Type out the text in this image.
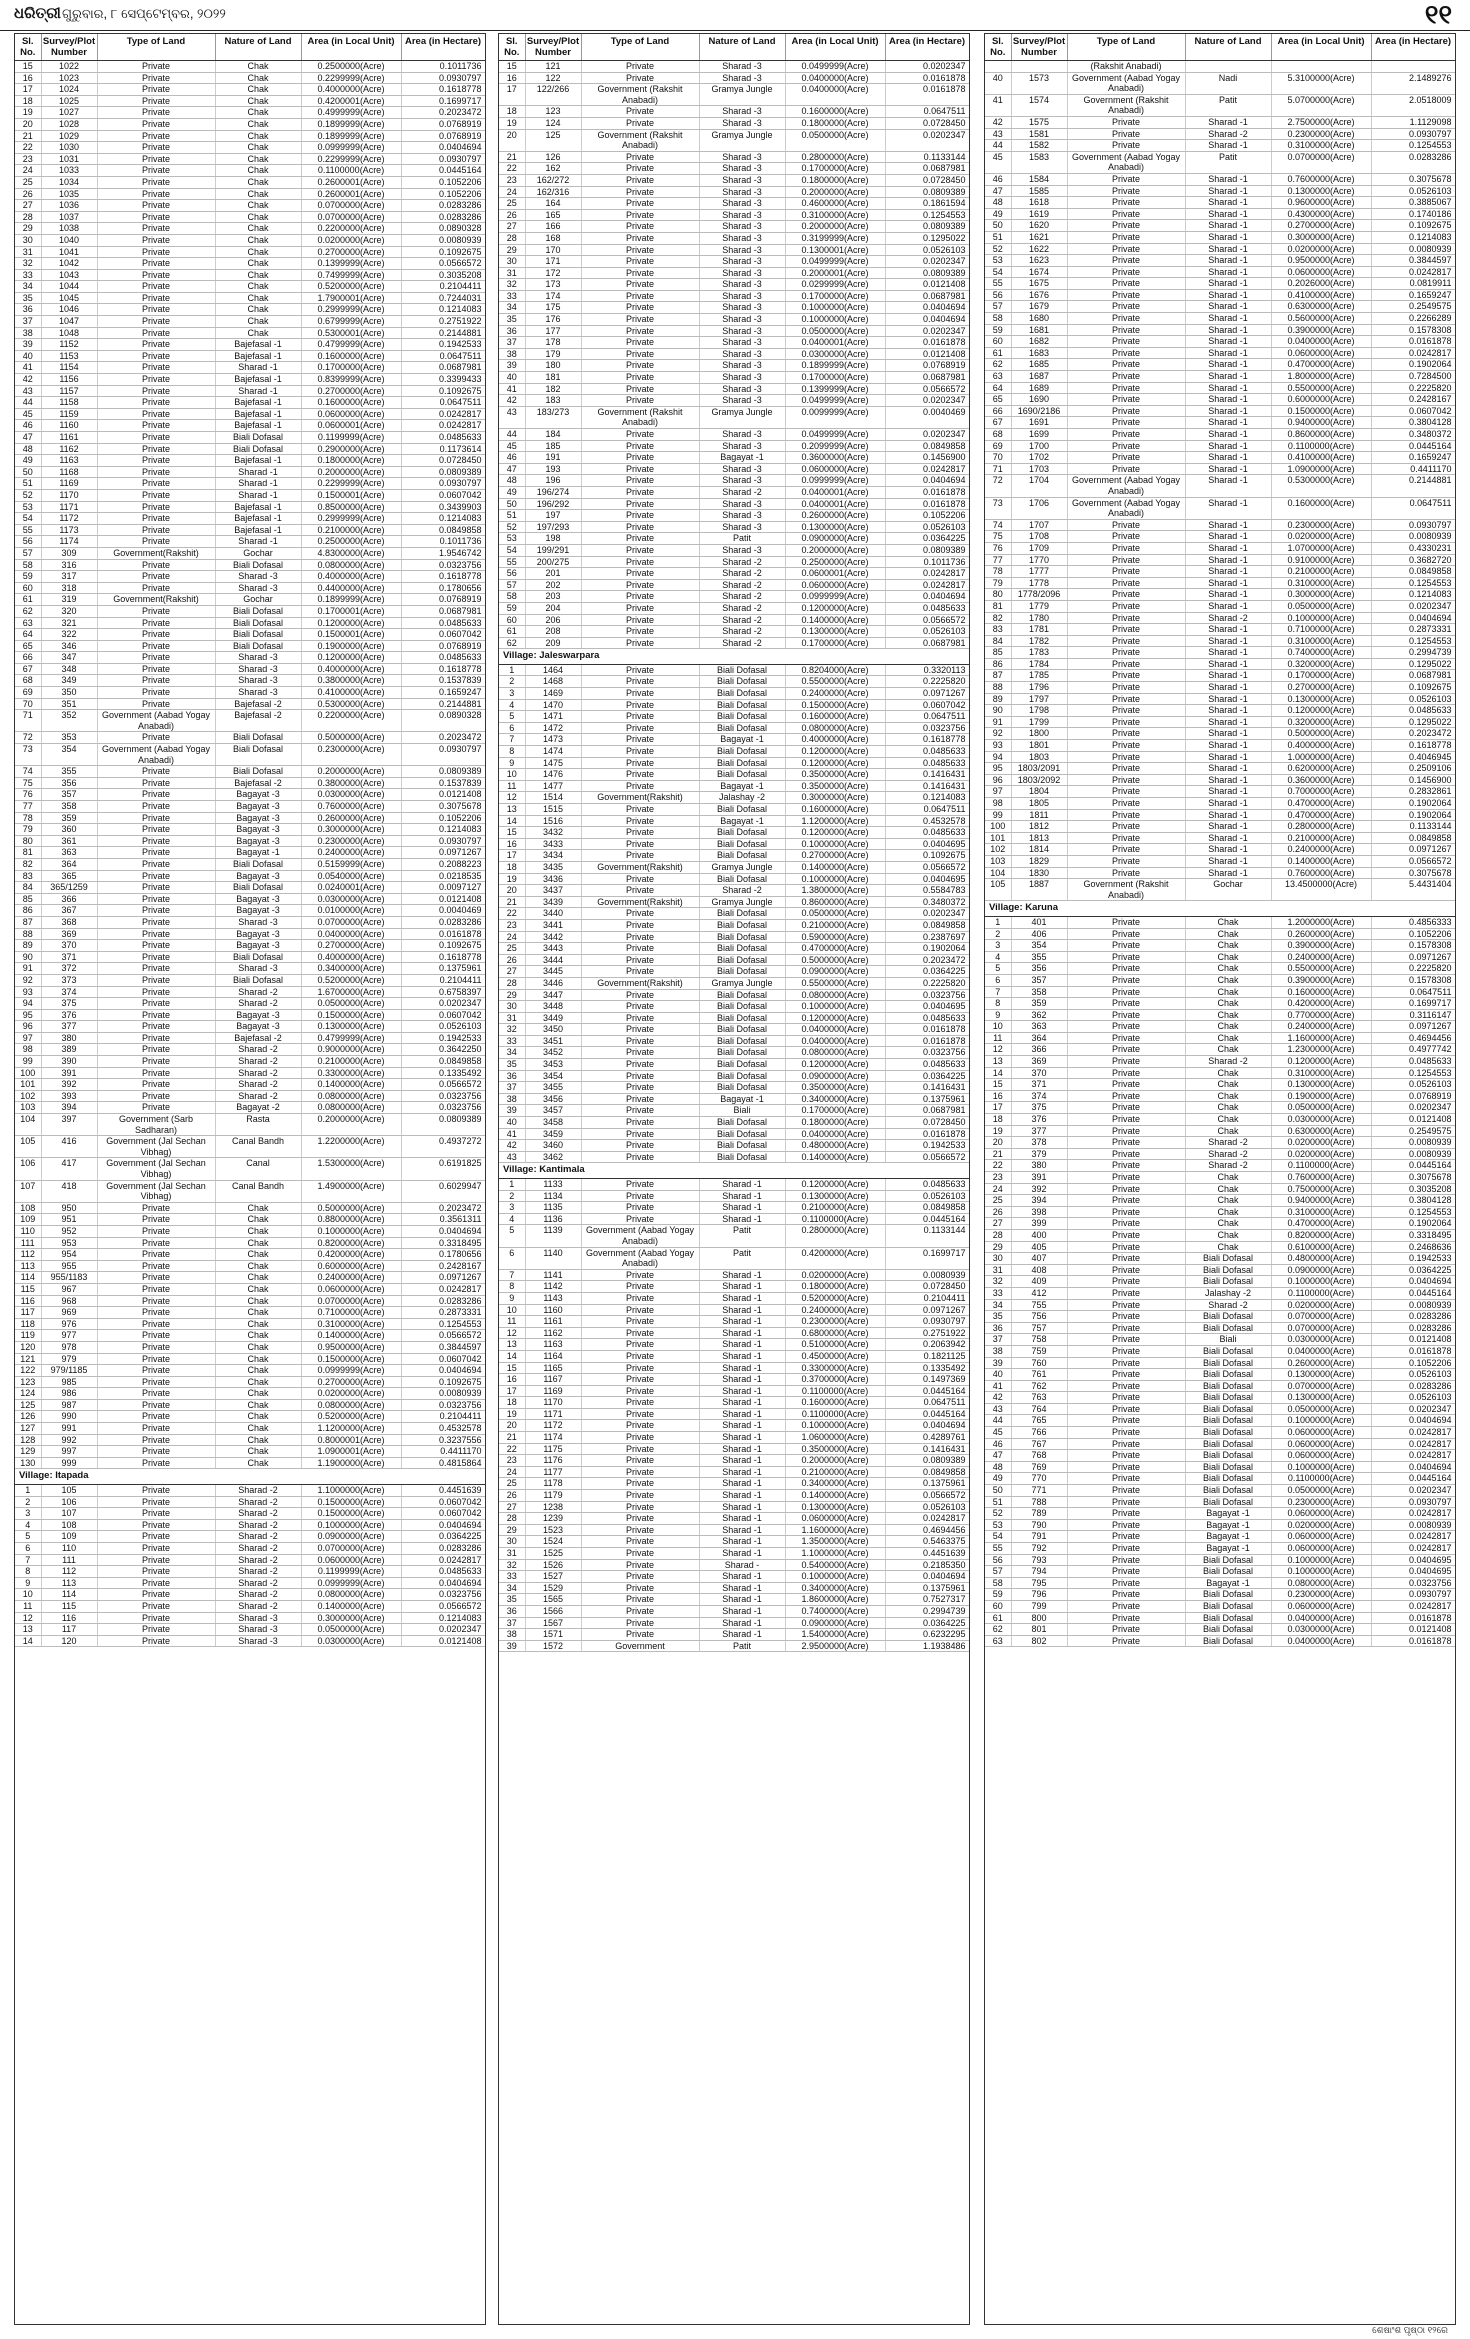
ଧରିତ୍ରୀ ଗୁରୁବାର, ୮ ସେପ୍ଟେମ୍ବର, ୨୦୨୨	୧୧
Sl. No.	Survey/Plot Number	Type of Land	Nature of Land	Area (in Local Unit)	Area (in Hectare)
15	1022	Private	Chak	0.2500000(Acre)	0.1011736
16	1023	Private	Chak	0.2299999(Acre)	0.0930797
17	1024	Private	Chak	0.4000000(Acre)	0.1618778
18	1025	Private	Chak	0.4200001(Acre)	0.1699717
19	1027	Private	Chak	0.4999999(Acre)	0.2023472
20	1028	Private	Chak	0.1899999(Acre)	0.0768919
21	1029	Private	Chak	0.1899999(Acre)	0.0768919
22	1030	Private	Chak	0.0999999(Acre)	0.0404694
23	1031	Private	Chak	0.2299999(Acre)	0.0930797
24	1033	Private	Chak	0.1100000(Acre)	0.0445164
25	1034	Private	Chak	0.2600001(Acre)	0.1052206
26	1035	Private	Chak	0.2600001(Acre)	0.1052206
27	1036	Private	Chak	0.0700000(Acre)	0.0283286
28	1037	Private	Chak	0.0700000(Acre)	0.0283286
29	1038	Private	Chak	0.2200000(Acre)	0.0890328
30	1040	Private	Chak	0.0200000(Acre)	0.0080939
31	1041	Private	Chak	0.2700000(Acre)	0.1092675
32	1042	Private	Chak	0.1399999(Acre)	0.0566572
33	1043	Private	Chak	0.7499999(Acre)	0.3035208
34	1044	Private	Chak	0.5200000(Acre)	0.2104411
35	1045	Private	Chak	1.7900001(Acre)	0.7244031
36	1046	Private	Chak	0.2999999(Acre)	0.1214083
37	1047	Private	Chak	0.6799999(Acre)	0.2751922
38	1048	Private	Chak	0.5300001(Acre)	0.2144881
39	1152	Private	Bajefasal -1	0.4799999(Acre)	0.1942533
40	1153	Private	Bajefasal -1	0.1600000(Acre)	0.0647511
41	1154	Private	Sharad -1	0.1700000(Acre)	0.0687981
42	1156	Private	Bajefasal -1	0.8399999(Acre)	0.3399433
43	1157	Private	Sharad -1	0.2700000(Acre)	0.1092675
44	1158	Private	Bajefasal -1	0.1600000(Acre)	0.0647511
45	1159	Private	Bajefasal -1	0.0600000(Acre)	0.0242817
46	1160	Private	Bajefasal -1	0.0600001(Acre)	0.0242817
47	1161	Private	Biali Dofasal	0.1199999(Acre)	0.0485633
48	1162	Private	Biali Dofasal	0.2900000(Acre)	0.1173614
49	1163	Private	Bajefasal -1	0.1800000(Acre)	0.0728450
50	1168	Private	Sharad -1	0.2000000(Acre)	0.0809389
51	1169	Private	Sharad -1	0.2299999(Acre)	0.0930797
52	1170	Private	Sharad -1	0.1500001(Acre)	0.0607042
53	1171	Private	Bajefasal -1	0.8500000(Acre)	0.3439903
54	1172	Private	Bajefasal -1	0.2999999(Acre)	0.1214083
55	1173	Private	Bajefasal -1	0.2100000(Acre)	0.0849858
56	1174	Private	Sharad -1	0.2500000(Acre)	0.1011736
57	309	Government(Rakshit)	Gochar	4.8300000(Acre)	1.9546742
58	316	Private	Biali Dofasal	0.0800000(Acre)	0.0323756
59	317	Private	Sharad -3	0.4000000(Acre)	0.1618778
60	318	Private	Sharad -3	0.4400000(Acre)	0.1780656
61	319	Government(Rakshit)	Gochar	0.1899999(Acre)	0.0768919
62	320	Private	Biali Dofasal	0.1700001(Acre)	0.0687981
63	321	Private	Biali Dofasal	0.1200000(Acre)	0.0485633
64	322	Private	Biali Dofasal	0.1500001(Acre)	0.0607042
65	346	Private	Biali Dofasal	0.1900000(Acre)	0.0768919
66	347	Private	Sharad -3	0.1200000(Acre)	0.0485633
67	348	Private	Sharad -3	0.4000000(Acre)	0.1618778
68	349	Private	Sharad -3	0.3800000(Acre)	0.1537839
69	350	Private	Sharad -3	0.4100000(Acre)	0.1659247
70	351	Private	Bajefasal -2	0.5300000(Acre)	0.2144881
71	352	Government (Aabad Yogay Anabadi)	Bajefasal -2	0.2200000(Acre)	0.0890328
72	353	Private	Biali Dofasal	0.5000000(Acre)	0.2023472
73	354	Government (Aabad Yogay Anabadi)	Biali Dofasal	0.2300000(Acre)	0.0930797
74	355	Private	Biali Dofasal	0.2000000(Acre)	0.0809389
75	356	Private	Bajefasal -2	0.3800000(Acre)	0.1537839
76	357	Private	Bagayat -3	0.0300000(Acre)	0.0121408
77	358	Private	Bagayat -3	0.7600000(Acre)	0.3075678
78	359	Private	Bagayat -3	0.2600000(Acre)	0.1052206
79	360	Private	Bagayat -3	0.3000000(Acre)	0.1214083
80	361	Private	Bagayat -3	0.2300000(Acre)	0.0930797
81	363	Private	Bagayat -1	0.2400000(Acre)	0.0971267
82	364	Private	Biali Dofasal	0.5159999(Acre)	0.2088223
83	365	Private	Bagayat -3	0.0540000(Acre)	0.0218535
84	365/1259	Private	Biali Dofasal	0.0240001(Acre)	0.0097127
85	366	Private	Bagayat -3	0.0300000(Acre)	0.0121408
86	367	Private	Bagayat -3	0.0100000(Acre)	0.0040469
87	368	Private	Sharad -3	0.0700000(Acre)	0.0283286
88	369	Private	Bagayat -3	0.0400000(Acre)	0.0161878
89	370	Private	Bagayat -3	0.2700000(Acre)	0.1092675
90	371	Private	Biali Dofasal	0.4000000(Acre)	0.1618778
91	372	Private	Sharad -3	0.3400000(Acre)	0.1375961
92	373	Private	Biali Dofasal	0.5200000(Acre)	0.2104411
93	374	Private	Sharad -2	1.6700000(Acre)	0.6758397
94	375	Private	Sharad -2	0.0500000(Acre)	0.0202347
95	376	Private	Bagayat -3	0.1500000(Acre)	0.0607042
96	377	Private	Bagayat -3	0.1300000(Acre)	0.0526103
97	380	Private	Bajefasal -2	0.4799999(Acre)	0.1942533
98	389	Private	Sharad -2	0.9000000(Acre)	0.3642250
99	390	Private	Sharad -2	0.2100000(Acre)	0.0849858
100	391	Private	Sharad -2	0.3300000(Acre)	0.1335492
101	392	Private	Sharad -2	0.1400000(Acre)	0.0566572
102	393	Private	Sharad -2	0.0800000(Acre)	0.0323756
103	394	Private	Bagayat -2	0.0800000(Acre)	0.0323756
104	397	Government (Sarb Sadharan)	Rasta	0.2000000(Acre)	0.0809389
105	416	Government (Jal Sechan Vibhag)	Canal Bandh	1.2200000(Acre)	0.4937272
106	417	Government (Jal Sechan Vibhag)	Canal	1.5300000(Acre)	0.6191825
107	418	Government (Jal Sechan Vibhag)	Canal Bandh	1.4900000(Acre)	0.6029947
108	950	Private	Chak	0.5000000(Acre)	0.2023472
109	951	Private	Chak	0.8800000(Acre)	0.3561311
110	952	Private	Chak	0.1000000(Acre)	0.0404694
111	953	Private	Chak	0.8200000(Acre)	0.3318495
112	954	Private	Chak	0.4200000(Acre)	0.1780656
113	955	Private	Chak	0.6000000(Acre)	0.2428167
114	955/1183	Private	Chak	0.2400000(Acre)	0.0971267
115	967	Private	Chak	0.0600000(Acre)	0.0242817
116	968	Private	Chak	0.0700000(Acre)	0.0283286
117	969	Private	Chak	0.7100000(Acre)	0.2873331
118	976	Private	Chak	0.3100000(Acre)	0.1254553
119	977	Private	Chak	0.1400000(Acre)	0.0566572
120	978	Private	Chak	0.9500000(Acre)	0.3844597
121	979	Private	Chak	0.1500000(Acre)	0.0607042
122	979/1185	Private	Chak	0.0999999(Acre)	0.0404694
123	985	Private	Chak	0.2700000(Acre)	0.1092675
124	986	Private	Chak	0.0200000(Acre)	0.0080939
125	987	Private	Chak	0.0800000(Acre)	0.0323756
126	990	Private	Chak	0.5200000(Acre)	0.2104411
127	991	Private	Chak	1.1200000(Acre)	0.4532578
128	992	Private	Chak	0.8000001(Acre)	0.3237556
129	997	Private	Chak	1.0900001(Acre)	0.4411170
130	999	Private	Chak	1.1900000(Acre)	0.4815864
Village: Itapada					
1	105	Private	Sharad -2	1.1000000(Acre)	0.4451639
2	106	Private	Sharad -2	0.1500000(Acre)	0.0607042
3	107	Private	Sharad -2	0.1500000(Acre)	0.0607042
4	108	Private	Sharad -2	0.1000000(Acre)	0.0404694
5	109	Private	Sharad -2	0.0900000(Acre)	0.0364225
6	110	Private	Sharad -2	0.0700000(Acre)	0.0283286
7	111	Private	Sharad -2	0.0600000(Acre)	0.0242817
8	112	Private	Sharad -2	0.1199999(Acre)	0.0485633
9	113	Private	Sharad -2	0.0999999(Acre)	0.0404694
10	114	Private	Sharad -2	0.0800000(Acre)	0.0323756
11	115	Private	Sharad -2	0.1400000(Acre)	0.0566572
12	116	Private	Sharad -3	0.3000000(Acre)	0.1214083
13	117	Private	Sharad -3	0.0500000(Acre)	0.0202347
14	120	Private	Sharad -3	0.0300000(Acre)	0.0121408
Sl. No.	Survey/Plot Number	Type of Land	Nature of Land	Area (in Local Unit)	Area (in Hectare)
15	121	Private	Sharad -3	0.0499999(Acre)	0.0202347
16	122	Private	Sharad -3	0.0400000(Acre)	0.0161878
17	122/266	Government (Rakshit Anabadi)	Gramya Jungle	0.0400000(Acre)	0.0161878
18	123	Private	Sharad -3	0.1600000(Acre)	0.0647511
19	124	Private	Sharad -3	0.1800000(Acre)	0.0728450
20	125	Government (Rakshit Anabadi)	Gramya Jungle	0.0500000(Acre)	0.0202347
21	126	Private	Sharad -3	0.2800000(Acre)	0.1133144
22	162	Private	Sharad -3	0.1700000(Acre)	0.0687981
23	162/272	Private	Sharad -3	0.1800000(Acre)	0.0728450
24	162/316	Private	Sharad -3	0.2000000(Acre)	0.0809389
25	164	Private	Sharad -3	0.4600000(Acre)	0.1861594
26	165	Private	Sharad -3	0.3100000(Acre)	0.1254553
27	166	Private	Sharad -3	0.2000000(Acre)	0.0809389
28	168	Private	Sharad -3	0.3199999(Acre)	0.1295022
29	170	Private	Sharad -3	0.1300001(Acre)	0.0526103
30	171	Private	Sharad -3	0.0499999(Acre)	0.0202347
31	172	Private	Sharad -3	0.2000001(Acre)	0.0809389
32	173	Private	Sharad -3	0.0299999(Acre)	0.0121408
33	174	Private	Sharad -3	0.1700000(Acre)	0.0687981
34	175	Private	Sharad -3	0.1000000(Acre)	0.0404694
35	176	Private	Sharad -3	0.1000000(Acre)	0.0404694
36	177	Private	Sharad -3	0.0500000(Acre)	0.0202347
37	178	Private	Sharad -3	0.0400001(Acre)	0.0161878
38	179	Private	Sharad -3	0.0300000(Acre)	0.0121408
39	180	Private	Sharad -3	0.1899999(Acre)	0.0768919
40	181	Private	Sharad -3	0.1700000(Acre)	0.0687981
41	182	Private	Sharad -3	0.1399999(Acre)	0.0566572
42	183	Private	Sharad -3	0.0499999(Acre)	0.0202347
43	183/273	Government (Rakshit Anabadi)	Gramya Jungle	0.0099999(Acre)	0.0040469
44	184	Private	Sharad -3	0.0499999(Acre)	0.0202347
45	185	Private	Sharad -3	0.2099999(Acre)	0.0849858
46	191	Private	Bagayat -1	0.3600000(Acre)	0.1456900
47	193	Private	Sharad -3	0.0600000(Acre)	0.0242817
48	196	Private	Sharad -3	0.0999999(Acre)	0.0404694
49	196/274	Private	Sharad -2	0.0400001(Acre)	0.0161878
50	196/292	Private	Sharad -3	0.0400001(Acre)	0.0161878
51	197	Private	Sharad -3	0.2600000(Acre)	0.1052206
52	197/293	Private	Sharad -3	0.1300000(Acre)	0.0526103
53	198	Private	Patit	0.0900000(Acre)	0.0364225
54	199/291	Private	Sharad -3	0.2000000(Acre)	0.0809389
55	200/275	Private	Sharad -2	0.2500000(Acre)	0.1011736
56	201	Private	Sharad -2	0.0600001(Acre)	0.0242817
57	202	Private	Sharad -2	0.0600000(Acre)	0.0242817
58	203	Private	Sharad -2	0.0999999(Acre)	0.0404694
59	204	Private	Sharad -2	0.1200000(Acre)	0.0485633
60	206	Private	Sharad -2	0.1400000(Acre)	0.0566572
61	208	Private	Sharad -2	0.1300000(Acre)	0.0526103
62	209	Private	Sharad -2	0.1700000(Acre)	0.0687981
Village: Jaleswarpara					
1	1464	Private	Biali Dofasal	0.8204000(Acre)	0.3320113
2	1468	Private	Biali Dofasal	0.5500000(Acre)	0.2225820
3	1469	Private	Biali Dofasal	0.2400000(Acre)	0.0971267
4	1470	Private	Biali Dofasal	0.1500000(Acre)	0.0607042
5	1471	Private	Biali Dofasal	0.1600000(Acre)	0.0647511
6	1472	Private	Biali Dofasal	0.0800000(Acre)	0.0323756
7	1473	Private	Bagayat -1	0.4000000(Acre)	0.1618778
8	1474	Private	Biali Dofasal	0.1200000(Acre)	0.0485633
9	1475	Private	Biali Dofasal	0.1200000(Acre)	0.0485633
10	1476	Private	Biali Dofasal	0.3500000(Acre)	0.1416431
11	1477	Private	Bagayat -1	0.3500000(Acre)	0.1416431
12	1514	Government(Rakshit)	Jalashay -2	0.3000000(Acre)	0.1214083
13	1515	Private	Biali Dofasal	0.1600000(Acre)	0.0647511
14	1516	Private	Bagayat -1	1.1200000(Acre)	0.4532578
15	3432	Private	Biali Dofasal	0.1200000(Acre)	0.0485633
16	3433	Private	Biali Dofasal	0.1000000(Acre)	0.0404695
17	3434	Private	Biali Dofasal	0.2700000(Acre)	0.1092675
18	3435	Government(Rakshit)	Gramya Jungle	0.1400000(Acre)	0.0566572
19	3436	Private	Biali Dofasal	0.1000000(Acre)	0.0404695
20	3437	Private	Sharad -2	1.3800000(Acre)	0.5584783
21	3439	Government(Rakshit)	Gramya Jungle	0.8600000(Acre)	0.3480372
22	3440	Private	Biali Dofasal	0.0500000(Acre)	0.0202347
23	3441	Private	Biali Dofasal	0.2100000(Acre)	0.0849858
24	3442	Private	Biali Dofasal	0.5900000(Acre)	0.2387697
25	3443	Private	Biali Dofasal	0.4700000(Acre)	0.1902064
26	3444	Private	Biali Dofasal	0.5000000(Acre)	0.2023472
27	3445	Private	Biali Dofasal	0.0900000(Acre)	0.0364225
28	3446	Government(Rakshit)	Gramya Jungle	0.5500000(Acre)	0.2225820
29	3447	Private	Biali Dofasal	0.0800000(Acre)	0.0323756
30	3448	Private	Biali Dofasal	0.1000000(Acre)	0.0404695
31	3449	Private	Biali Dofasal	0.1200000(Acre)	0.0485633
32	3450	Private	Biali Dofasal	0.0400000(Acre)	0.0161878
33	3451	Private	Biali Dofasal	0.0400000(Acre)	0.0161878
34	3452	Private	Biali Dofasal	0.0800000(Acre)	0.0323756
35	3453	Private	Biali Dofasal	0.1200000(Acre)	0.0485633
36	3454	Private	Biali Dofasal	0.0900000(Acre)	0.0364225
37	3455	Private	Biali Dofasal	0.3500000(Acre)	0.1416431
38	3456	Private	Bagayat -1	0.3400000(Acre)	0.1375961
39	3457	Private	Biali	0.1700000(Acre)	0.0687981
40	3458	Private	Biali Dofasal	0.1800000(Acre)	0.0728450
41	3459	Private	Biali Dofasal	0.0400000(Acre)	0.0161878
42	3460	Private	Biali Dofasal	0.4800000(Acre)	0.1942533
43	3462	Private	Biali Dofasal	0.1400000(Acre)	0.0566572
Village: Kantimala					
1	1133	Private	Sharad -1	0.1200000(Acre)	0.0485633
2	1134	Private	Sharad -1	0.1300000(Acre)	0.0526103
3	1135	Private	Sharad -1	0.2100000(Acre)	0.0849858
4	1136	Private	Sharad -1	0.1100000(Acre)	0.0445164
5	1139	Government (Aabad Yogay Anabadi)	Patit	0.2800000(Acre)	0.1133144
6	1140	Government (Aabad Yogay Anabadi)	Patit	0.4200000(Acre)	0.1699717
7	1141	Private	Sharad -1	0.0200000(Acre)	0.0080939
8	1142	Private	Sharad -1	0.1800000(Acre)	0.0728450
9	1143	Private	Sharad -1	0.5200000(Acre)	0.2104411
10	1160	Private	Sharad -1	0.2400000(Acre)	0.0971267
11	1161	Private	Sharad -1	0.2300000(Acre)	0.0930797
12	1162	Private	Sharad -1	0.6800000(Acre)	0.2751922
13	1163	Private	Sharad -1	0.5100000(Acre)	0.2063942
14	1164	Private	Sharad -1	0.4500000(Acre)	0.1821125
15	1165	Private	Sharad -1	0.3300000(Acre)	0.1335492
16	1167	Private	Sharad -1	0.3700000(Acre)	0.1497369
17	1169	Private	Sharad -1	0.1100000(Acre)	0.0445164
18	1170	Private	Sharad -1	0.1600000(Acre)	0.0647511
19	1171	Private	Sharad -1	0.1100000(Acre)	0.0445164
20	1172	Private	Sharad -1	0.1000000(Acre)	0.0404694
21	1174	Private	Sharad -1	1.0600000(Acre)	0.4289761
22	1175	Private	Sharad -1	0.3500000(Acre)	0.1416431
23	1176	Private	Sharad -1	0.2000000(Acre)	0.0809389
24	1177	Private	Sharad -1	0.2100000(Acre)	0.0849858
25	1178	Private	Sharad -1	0.3400000(Acre)	0.1375961
26	1179	Private	Sharad -1	0.1400000(Acre)	0.0566572
27	1238	Private	Sharad -1	0.1300000(Acre)	0.0526103
28	1239	Private	Sharad -1	0.0600000(Acre)	0.0242817
29	1523	Private	Sharad -1	1.1600000(Acre)	0.4694456
30	1524	Private	Sharad -1	1.3500000(Acre)	0.5463375
31	1525	Private	Sharad -1	1.1000000(Acre)	0.4451639
32	1526	Private	Sharad -	0.5400000(Acre)	0.2185350
33	1527	Private	Sharad -1	0.1000000(Acre)	0.0404694
34	1529	Private	Sharad -1	0.3400000(Acre)	0.1375961
35	1565	Private	Sharad -1	1.8600000(Acre)	0.7527317
36	1566	Private	Sharad -1	0.7400000(Acre)	0.2994739
37	1567	Private	Sharad -1	0.0900000(Acre)	0.0364225
38	1571	Private	Sharad -1	1.5400000(Acre)	0.6232295
39	1572	Government	Patit	2.9500000(Acre)	1.1938486
Sl. No.	Survey/Plot Number	Type of Land	Nature of Land	Area (in Local Unit)	Area (in Hectare)
		(Rakshit Anabadi)			
40	1573	Government (Aabad Yogay Anabadi)	Nadi	5.3100000(Acre)	2.1489276
41	1574	Government (Rakshit Anabadi)	Patit	5.0700000(Acre)	2.0518009
42	1575	Private	Sharad -1	2.7500000(Acre)	1.1129098
43	1581	Private	Sharad -2	0.2300000(Acre)	0.0930797
44	1582	Private	Sharad -1	0.3100000(Acre)	0.1254553
45	1583	Government (Aabad Yogay Anabadi)	Patit	0.0700000(Acre)	0.0283286
46	1584	Private	Sharad -1	0.7600000(Acre)	0.3075678
47	1585	Private	Sharad -1	0.1300000(Acre)	0.0526103
48	1618	Private	Sharad -1	0.9600000(Acre)	0.3885067
49	1619	Private	Sharad -1	0.4300000(Acre)	0.1740186
50	1620	Private	Sharad -1	0.2700000(Acre)	0.1092675
51	1621	Private	Sharad -1	0.3000000(Acre)	0.1214083
52	1622	Private	Sharad -1	0.0200000(Acre)	0.0080939
53	1623	Private	Sharad -1	0.9500000(Acre)	0.3844597
54	1674	Private	Sharad -1	0.0600000(Acre)	0.0242817
55	1675	Private	Sharad -1	0.2026000(Acre)	0.0819911
56	1676	Private	Sharad -1	0.4100000(Acre)	0.1659247
57	1679	Private	Sharad -1	0.6300000(Acre)	0.2549575
58	1680	Private	Sharad -1	0.5600000(Acre)	0.2266289
59	1681	Private	Sharad -1	0.3900000(Acre)	0.1578308
60	1682	Private	Sharad -1	0.0400000(Acre)	0.0161878
61	1683	Private	Sharad -1	0.0600000(Acre)	0.0242817
62	1685	Private	Sharad -1	0.4700000(Acre)	0.1902064
63	1687	Private	Sharad -1	1.8000000(Acre)	0.7284500
64	1689	Private	Sharad -1	0.5500000(Acre)	0.2225820
65	1690	Private	Sharad -1	0.6000000(Acre)	0.2428167
66	1690/2186	Private	Sharad -1	0.1500000(Acre)	0.0607042
67	1691	Private	Sharad -1	0.9400000(Acre)	0.3804128
68	1699	Private	Sharad -1	0.8600000(Acre)	0.3480372
69	1700	Private	Sharad -1	0.1100000(Acre)	0.0445164
70	1702	Private	Sharad -1	0.4100000(Acre)	0.1659247
71	1703	Private	Sharad -1	1.0900000(Acre)	0.4411170
72	1704	Government (Aabad Yogay Anabadi)	Sharad -1	0.5300000(Acre)	0.2144881
73	1706	Government (Aabad Yogay Anabadi)	Sharad -1	0.1600000(Acre)	0.0647511
74	1707	Private	Sharad -1	0.2300000(Acre)	0.0930797
75	1708	Private	Sharad -1	0.0200000(Acre)	0.0080939
76	1709	Private	Sharad -1	1.0700000(Acre)	0.4330231
77	1770	Private	Sharad -1	0.9100000(Acre)	0.3682720
78	1777	Private	Sharad -1	0.2100000(Acre)	0.0849858
79	1778	Private	Sharad -1	0.3100000(Acre)	0.1254553
80	1778/2096	Private	Sharad -1	0.3000000(Acre)	0.1214083
81	1779	Private	Sharad -1	0.0500000(Acre)	0.0202347
82	1780	Private	Sharad -2	0.1000000(Acre)	0.0404694
83	1781	Private	Sharad -1	0.7100000(Acre)	0.2873331
84	1782	Private	Sharad -1	0.3100000(Acre)	0.1254553
85	1783	Private	Sharad -1	0.7400000(Acre)	0.2994739
86	1784	Private	Sharad -1	0.3200000(Acre)	0.1295022
87	1785	Private	Sharad -1	0.1700000(Acre)	0.0687981
88	1796	Private	Sharad -1	0.2700000(Acre)	0.1092675
89	1797	Private	Sharad -1	0.1300000(Acre)	0.0526103
90	1798	Private	Sharad -1	0.1200000(Acre)	0.0485633
91	1799	Private	Sharad -1	0.3200000(Acre)	0.1295022
92	1800	Private	Sharad -1	0.5000000(Acre)	0.2023472
93	1801	Private	Sharad -1	0.4000000(Acre)	0.1618778
94	1803	Private	Sharad -1	1.0000000(Acre)	0.4046945
95	1803/2091	Private	Sharad -1	0.6200000(Acre)	0.2509106
96	1803/2092	Private	Sharad -1	0.3600000(Acre)	0.1456900
97	1804	Private	Sharad -1	0.7000000(Acre)	0.2832861
98	1805	Private	Sharad -1	0.4700000(Acre)	0.1902064
99	1811	Private	Sharad -1	0.4700000(Acre)	0.1902064
100	1812	Private	Sharad -1	0.2800000(Acre)	0.1133144
101	1813	Private	Sharad -1	0.2100000(Acre)	0.0849858
102	1814	Private	Sharad -1	0.2400000(Acre)	0.0971267
103	1829	Private	Sharad -1	0.1400000(Acre)	0.0566572
104	1830	Private	Sharad -1	0.7600000(Acre)	0.3075678
105	1887	Government (Rakshit Anabadi)	Gochar	13.4500000(Acre)	5.4431404
Village: Karuna					
1	401	Private	Chak	1.2000000(Acre)	0.4856333
2	406	Private	Chak	0.2600000(Acre)	0.1052206
3	354	Private	Chak	0.3900000(Acre)	0.1578308
4	355	Private	Chak	0.2400000(Acre)	0.0971267
5	356	Private	Chak	0.5500000(Acre)	0.2225820
6	357	Private	Chak	0.3900000(Acre)	0.1578308
7	358	Private	Chak	0.1600000(Acre)	0.0647511
8	359	Private	Chak	0.4200000(Acre)	0.1699717
9	362	Private	Chak	0.7700000(Acre)	0.3116147
10	363	Private	Chak	0.2400000(Acre)	0.0971267
11	364	Private	Chak	1.1600000(Acre)	0.4694456
12	366	Private	Chak	1.2300000(Acre)	0.4977742
13	369	Private	Sharad -2	0.1200000(Acre)	0.0485633
14	370	Private	Chak	0.3100000(Acre)	0.1254553
15	371	Private	Chak	0.1300000(Acre)	0.0526103
16	374	Private	Chak	0.1900000(Acre)	0.0768919
17	375	Private	Chak	0.0500000(Acre)	0.0202347
18	376	Private	Chak	0.0300000(Acre)	0.0121408
19	377	Private	Chak	0.6300000(Acre)	0.2549575
20	378	Private	Sharad -2	0.0200000(Acre)	0.0080939
21	379	Private	Sharad -2	0.0200000(Acre)	0.0080939
22	380	Private	Sharad -2	0.1100000(Acre)	0.0445164
23	391	Private	Chak	0.7600000(Acre)	0.3075678
24	392	Private	Chak	0.7500000(Acre)	0.3035208
25	394	Private	Chak	0.9400000(Acre)	0.3804128
26	398	Private	Chak	0.3100000(Acre)	0.1254553
27	399	Private	Chak	0.4700000(Acre)	0.1902064
28	400	Private	Chak	0.8200000(Acre)	0.3318495
29	405	Private	Chak	0.6100000(Acre)	0.2468636
30	407	Private	Biali Dofasal	0.4800000(Acre)	0.1942533
31	408	Private	Biali Dofasal	0.0900000(Acre)	0.0364225
32	409	Private	Biali Dofasal	0.1000000(Acre)	0.0404694
33	412	Private	Jalashay -2	0.1100000(Acre)	0.0445164
34	755	Private	Sharad -2	0.0200000(Acre)	0.0080939
35	756	Private	Biali Dofasal	0.0700000(Acre)	0.0283286
36	757	Private	Biali Dofasal	0.0700000(Acre)	0.0283286
37	758	Private	Biali	0.0300000(Acre)	0.0121408
38	759	Private	Biali Dofasal	0.0400000(Acre)	0.0161878
39	760	Private	Biali Dofasal	0.2600000(Acre)	0.1052206
40	761	Private	Biali Dofasal	0.1300000(Acre)	0.0526103
41	762	Private	Biali Dofasal	0.0700000(Acre)	0.0283286
42	763	Private	Biali Dofasal	0.1300000(Acre)	0.0526103
43	764	Private	Biali Dofasal	0.0500000(Acre)	0.0202347
44	765	Private	Biali Dofasal	0.1000000(Acre)	0.0404694
45	766	Private	Biali Dofasal	0.0600000(Acre)	0.0242817
46	767	Private	Biali Dofasal	0.0600000(Acre)	0.0242817
47	768	Private	Biali Dofasal	0.0600000(Acre)	0.0242817
48	769	Private	Biali Dofasal	0.1000000(Acre)	0.0404694
49	770	Private	Biali Dofasal	0.1100000(Acre)	0.0445164
50	771	Private	Biali Dofasal	0.0500000(Acre)	0.0202347
51	788	Private	Biali Dofasal	0.2300000(Acre)	0.0930797
52	789	Private	Bagayat -1	0.0600000(Acre)	0.0242817
53	790	Private	Bagayat -1	0.0200000(Acre)	0.0080939
54	791	Private	Bagayat -1	0.0600000(Acre)	0.0242817
55	792	Private	Bagayat -1	0.0600000(Acre)	0.0242817
56	793	Private	Biali Dofasal	0.1000000(Acre)	0.0404695
57	794	Private	Biali Dofasal	0.1000000(Acre)	0.0404695
58	795	Private	Bagayat -1	0.0800000(Acre)	0.0323756
59	796	Private	Biali Dofasal	0.2300000(Acre)	0.0930797
60	799	Private	Biali Dofasal	0.0600000(Acre)	0.0242817
61	800	Private	Biali Dofasal	0.0400000(Acre)	0.0161878
62	801	Private	Biali Dofasal	0.0300000(Acre)	0.0121408
63	802	Private	Biali Dofasal	0.0400000(Acre)	0.0161878
ଶେଷାଂଶ ପୃଷ୍ଠା ୧୨ରେ
